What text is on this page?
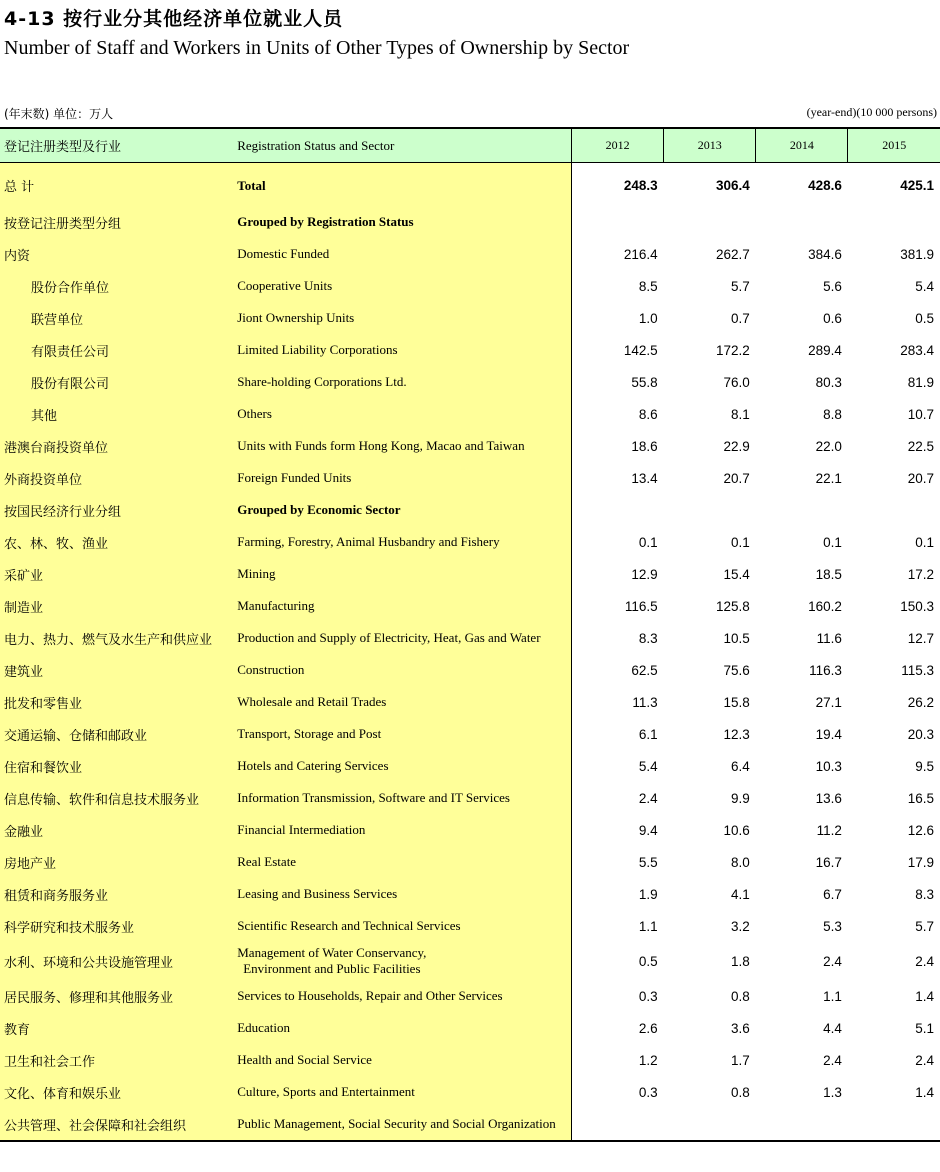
4-13 按行业分其他经济单位就业人员
Number of Staff and Workers in Units of Other Types of Ownership by Sector
(年末数) 单位：万人	(year-end)(10 000 persons)
登记注册类型及行业	Registration Status and Sector	2012	2013	2014	2015
总 计	Total	248.3	306.4	428.6	425.1
按登记注册类型分组	Grouped by Registration Status				
内资	Domestic Funded	216.4	262.7	384.6	381.9
股份合作单位	Cooperative Units	8.5	5.7	5.6	5.4
联营单位	Jiont Ownership Units	1.0	0.7	0.6	0.5
有限责任公司	Limited Liability Corporations	142.5	172.2	289.4	283.4
股份有限公司	Share-holding Corporations Ltd.	55.8	76.0	80.3	81.9
其他	Others	8.6	8.1	8.8	10.7
港澳台商投资单位	Units with Funds form Hong Kong, Macao and Taiwan	18.6	22.9	22.0	22.5
外商投资单位	Foreign Funded Units	13.4	20.7	22.1	20.7
按国民经济行业分组	Grouped by Economic Sector				
农、林、牧、渔业	Farming, Forestry, Animal Husbandry and Fishery	0.1	0.1	0.1	0.1
采矿业	Mining	12.9	15.4	18.5	17.2
制造业	Manufacturing	116.5	125.8	160.2	150.3
电力、热力、燃气及水生产和供应业	Production and Supply of Electricity, Heat, Gas and Water	8.3	10.5	11.6	12.7
建筑业	Construction	62.5	75.6	116.3	115.3
批发和零售业	Wholesale and Retail Trades	11.3	15.8	27.1	26.2
交通运输、仓储和邮政业	Transport, Storage and Post	6.1	12.3	19.4	20.3
住宿和餐饮业	Hotels and Catering Services	5.4	6.4	10.3	9.5
信息传输、软件和信息技术服务业	Information Transmission, Software and IT Services	2.4	9.9	13.6	16.5
金融业	Financial Intermediation	9.4	10.6	11.2	12.6
房地产业	Real Estate	5.5	8.0	16.7	17.9
租赁和商务服务业	Leasing and Business Services	1.9	4.1	6.7	8.3
科学研究和技术服务业	Scientific Research and Technical Services	1.1	3.2	5.3	5.7
水利、环境和公共设施管理业	Management of Water Conservancy,
Environment and Public Facilities	0.5	1.8	2.4	2.4
居民服务、修理和其他服务业	Services to Households, Repair and Other Services	0.3	0.8	1.1	1.4
教育	Education	2.6	3.6	4.4	5.1
卫生和社会工作	Health and Social Service	1.2	1.7	2.4	2.4
文化、体育和娱乐业	Culture, Sports and Entertainment	0.3	0.8	1.3	1.4
公共管理、社会保障和社会组织	Public Management, Social Security and Social Organization				
